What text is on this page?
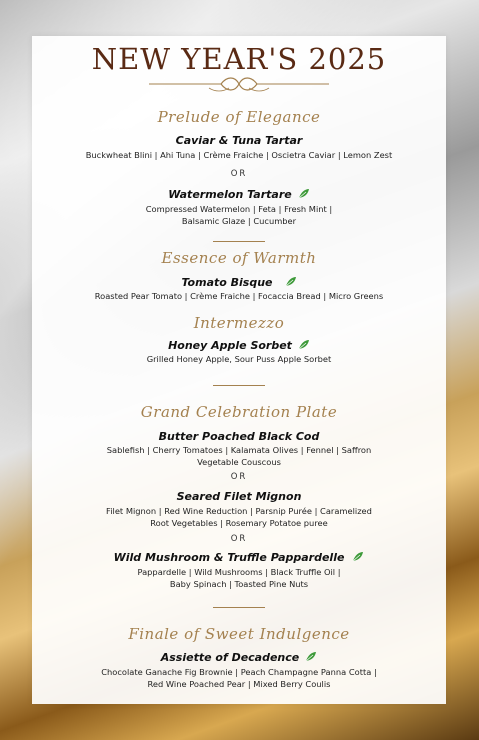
NEW YEAR'S 2025
Prelude of Elegance
Caviar & Tuna Tartar
Buckwheat Blini | Ahi Tuna | Crème Fraiche | Oscietra Caviar | Lemon Zest
OR
Watermelon Tartare
Compressed Watermelon | Feta | Fresh Mint |
Balsamic Glaze | Cucumber
Essence of Warmth
Tomato Bisque
Roasted Pear Tomato | Crème Fraiche | Focaccia Bread | Micro Greens
Intermezzo
Honey Apple Sorbet
Grilled Honey Apple, Sour Puss Apple Sorbet
Grand Celebration Plate
Butter Poached Black Cod
Sablefish | Cherry Tomatoes | Kalamata Olives | Fennel | Saffron
Vegetable Couscous
OR
Seared Filet Mignon
Filet Mignon | Red Wine Reduction | Parsnip Purée | Caramelized
Root Vegetables | Rosemary Potatoe puree
OR
Wild Mushroom & Truffle Pappardelle
Pappardelle | Wild Mushrooms | Black Truffle Oil |
Baby Spinach | Toasted Pine Nuts
Finale of Sweet Indulgence
Assiette of Decadence
Chocolate Ganache Fig Brownie | Peach Champagne Panna Cotta |
Red Wine Poached Pear | Mixed Berry Coulis
